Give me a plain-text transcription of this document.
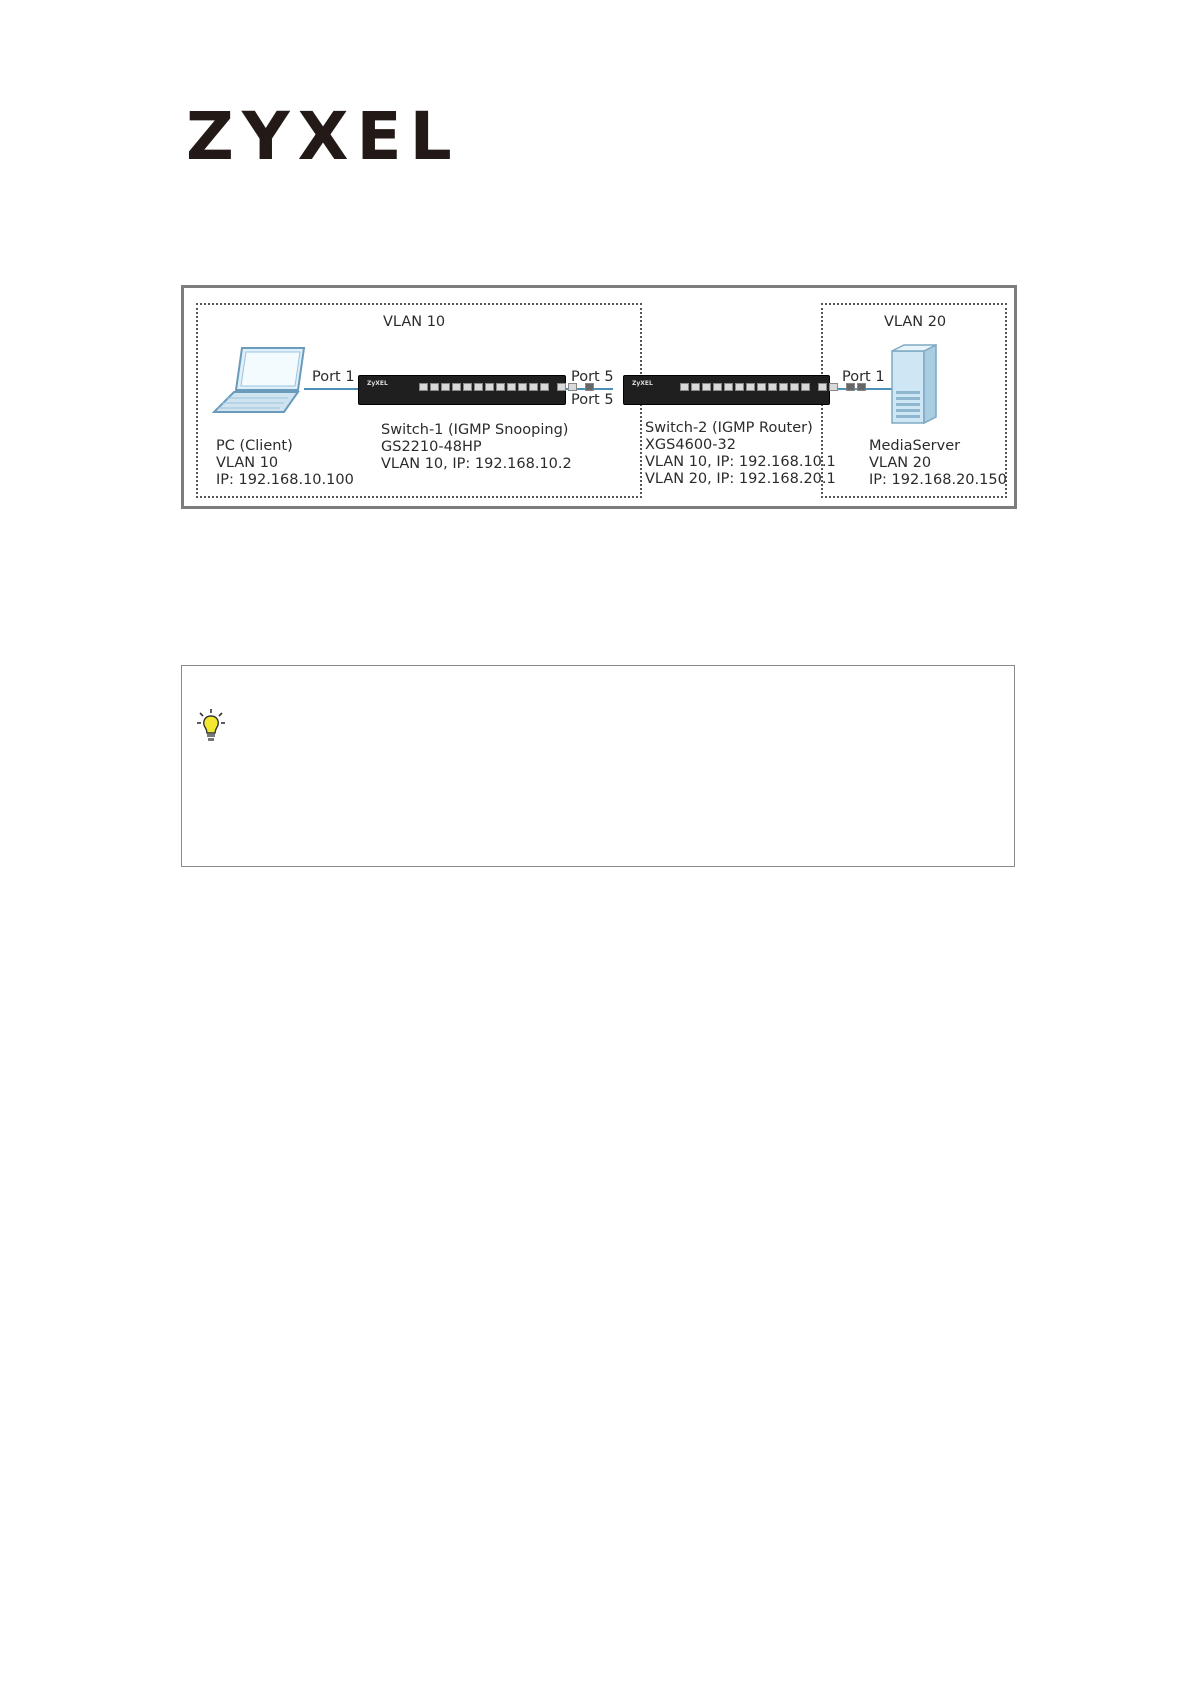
ZYXEL
VLAN 10	VLAN 20
ZyXEL	ZyXEL
Port 1	Port 5
Port 5
Port 1
PC (Client)
VLAN 10
IP: 192.168.10.100
Switch-1 (IGMP Snooping)
GS2210-48HP
VLAN 10, IP: 192.168.10.2
Switch-2 (IGMP Router)
XGS4600-32
VLAN 10, IP: 192.168.10.1
VLAN 20, IP: 192.168.20.1
MediaServer
VLAN 20
IP: 192.168.20.150
